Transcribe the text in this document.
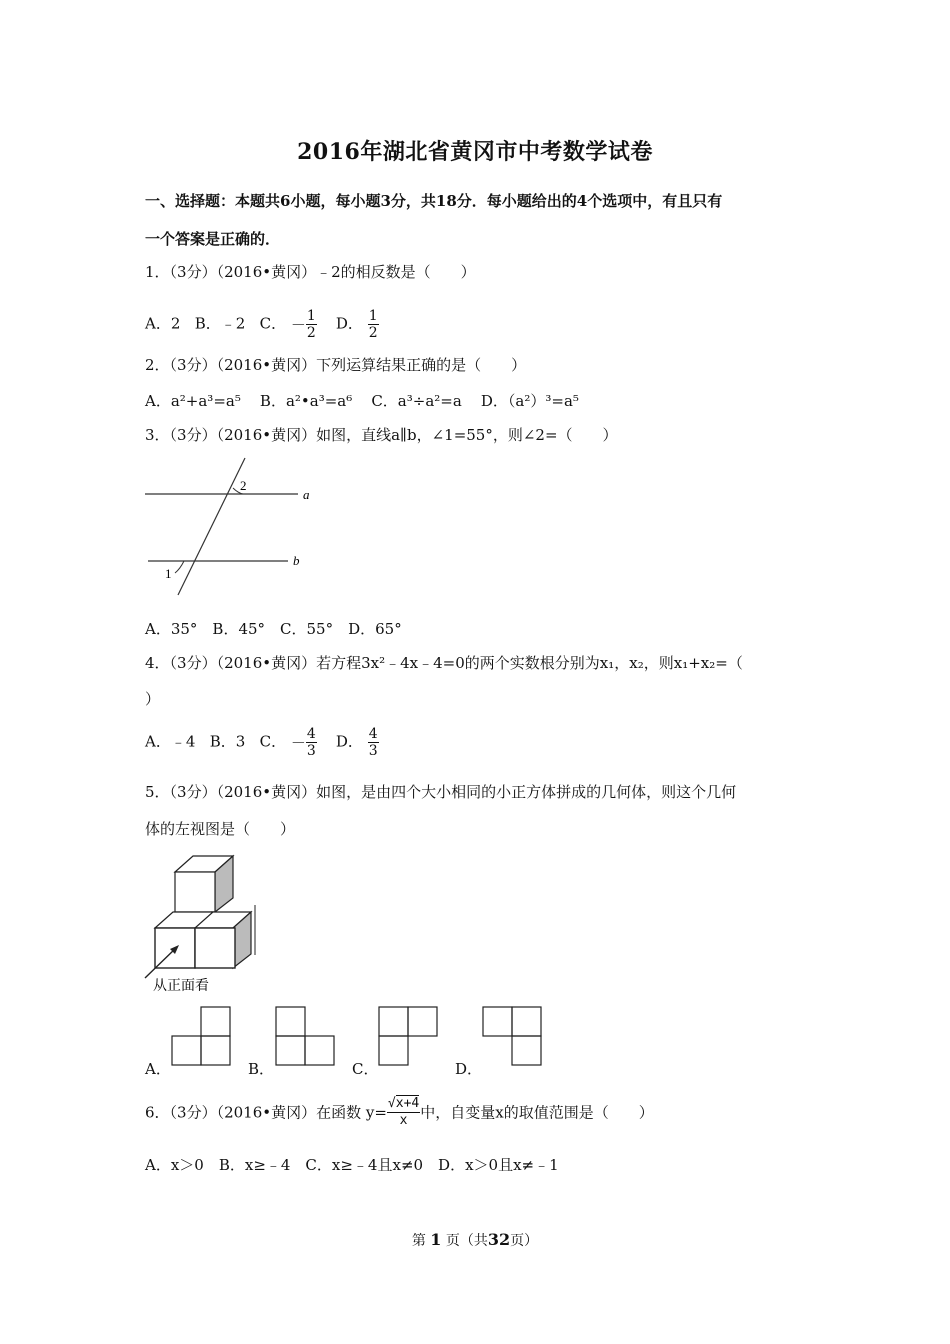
2016年湖北省黄冈市中考数学试卷
一、选择题：本题共6小题，每小题3分，共18分．每小题给出的4个选项中，有且只有
一个答案是正确的．
1．（3分）（2016•黄冈）﹣2的相反数是（　　）
A．2 B．﹣2 C． － $\frac{1}{2}$ D． $\frac{1}{2}$
2．（3分）（2016•黄冈）下列运算结果正确的是（　　）
A．a²+a³=a⁵ B．a²•a³=a⁶ C．a³÷a²=a D．（a²）³=a⁵
3．（3分）（2016•黄冈）如图，直线a∥b，∠1=55°，则∠2=（　　）
a
b
2
1
A．35°　B．45°　C．55°　D．65°
4．（3分）（2016•黄冈）若方程3x²﹣4x﹣4=0的两个实数根分别为x₁，x₂，则x₁+x₂=（
）
A．﹣4 B．3 C． － $\frac{4}{3}$ D． $\frac{4}{3}$
5．（3分）（2016•黄冈）如图，是由四个大小相同的小正方体拼成的几何体，则这个几何
体的左视图是（　　）
从正面看
A．	B．	C．	D．
6．（3分）（2016•黄冈）在函数 $y= \frac{√x+4}{x}$ 中，自变量x的取值范围是（　　）
A．x＞0　B．x≥﹣4　C．x≥﹣4且x≠0　D．x＞0且x≠﹣1
第 1 页（共32页）
